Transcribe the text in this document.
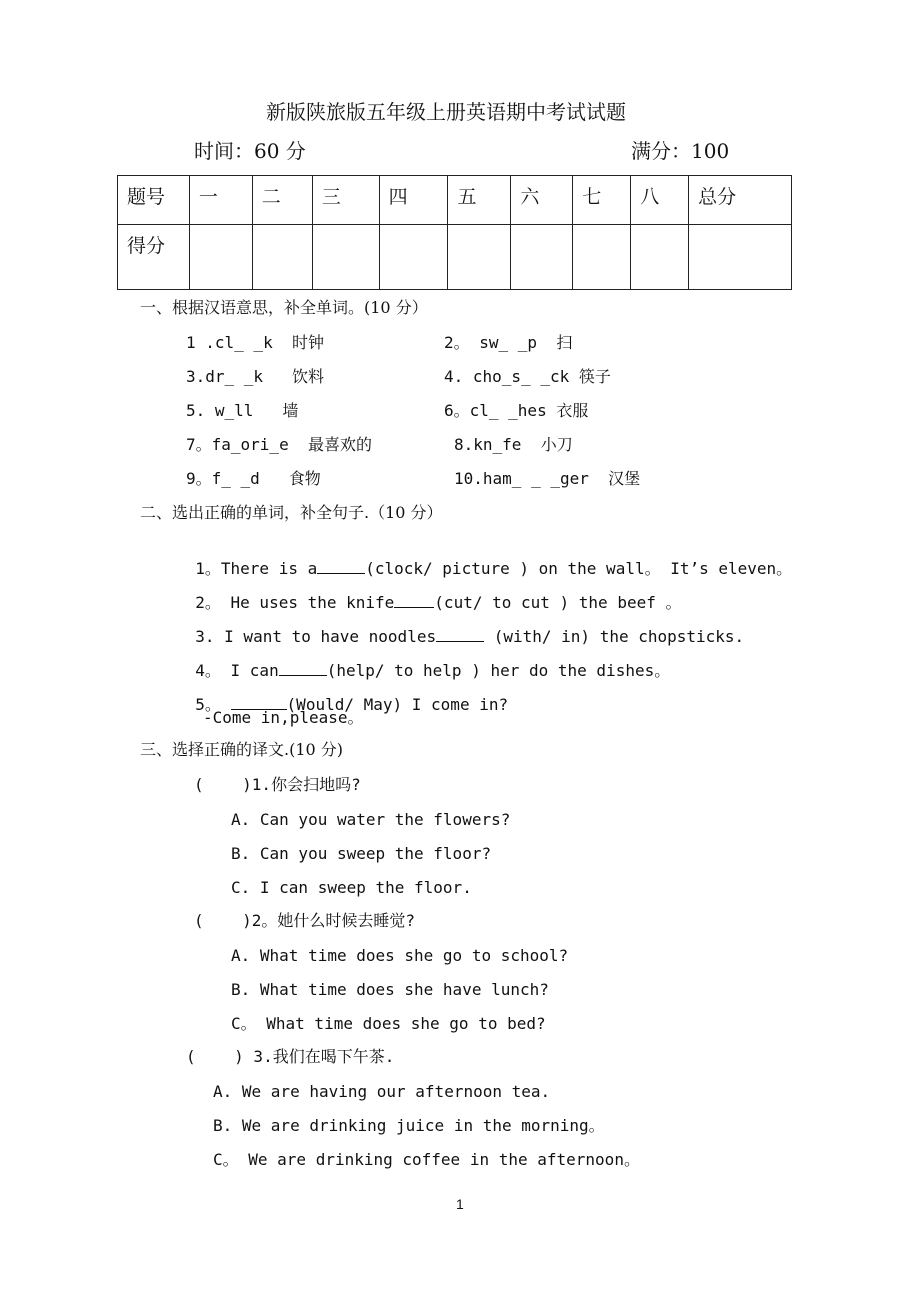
新版陕旅版五年级上册英语期中考试试题
时间：60 分	满分：100
题号	一	二	三	四	五	六	七	八	总分
得分									
一、根据汉语意思，补全单词。(10 分）
1 .cl_ _k  时钟	2。 sw_ _p  扫
3.dr_ _k   饮料	4. cho_s_ _ck 筷子
5. w_ll   墙	6。cl_ _hes 衣服
7。fa_ori_e  最喜欢的	8.kn_fe  小刀
9。f_ _d   食物	10.ham_ _ _ger  汉堡
二、选出正确的单词，补全句子.（10 分）

1。There is a	(clock/ picture ) on the wall。 It’s eleven。

2。 He uses the knife	(cut/ to cut ) the beef 。

3. I want to have noodles	(with/ in) the chopsticks.

4。 I can	(help/ to help ) her do the dishes。

5。	(Would/ May) I come in?

-Come in,please。
三、选择正确的译文.(10 分)
(    )1.你会扫地吗?
A. Can you water the flowers?
B. Can you sweep the floor?
C. I can sweep the floor.
(    )2。她什么时候去睡觉?
A. What time does she go to school?
B. What time does she have lunch?
C。 What time does she go to bed?
(    ) 3.我们在喝下午茶.
A. We are having our afternoon tea.
B. We are drinking juice in the morning。
C。 We are drinking coffee in the afternoon。
1
